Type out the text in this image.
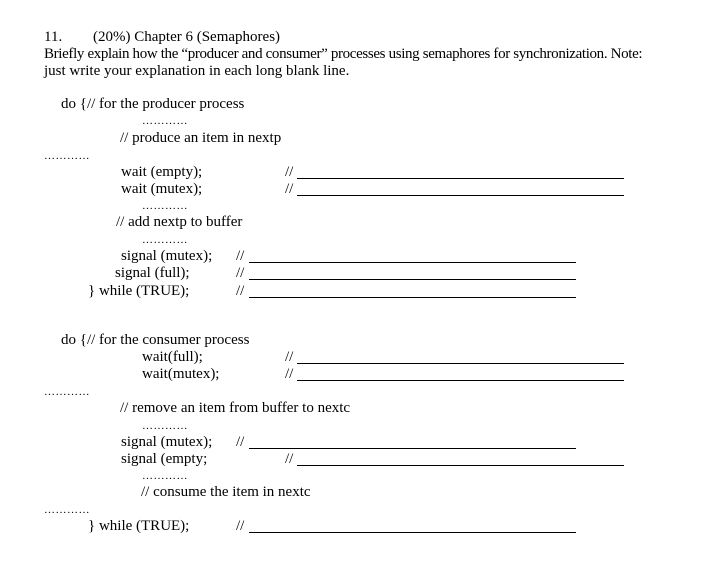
11. (20%) Chapter 6 (Semaphores)
Briefly explain how the “producer and consumer” processes using semaphores for synchronization. Note:
just write your explanation in each long blank line.
do {// for the producer process
…………
// produce an item in nextp
…………
wait (empty);	//
wait (mutex);	//
…………
// add nextp to buffer
…………
signal (mutex); //
signal (full);	//
} while (TRUE);	//
do {// for the consumer process
wait(full);	//
wait(mutex);	//
…………
// remove an item from buffer to nextc
…………
signal (mutex); //
signal (empty;	//
…………
// consume the item in nextc
…………
} while (TRUE);	//
